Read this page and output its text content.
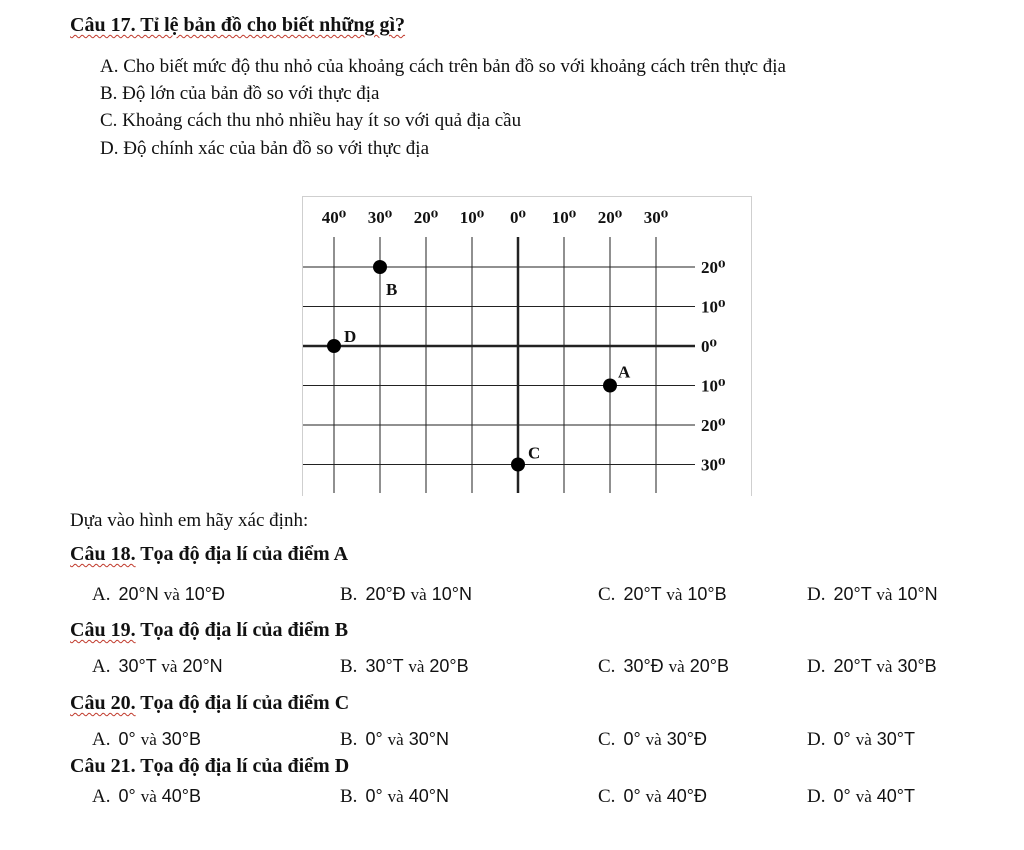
Câu 17. Tỉ lệ bản đồ cho biết những gì?
A. Cho biết mức độ thu nhỏ của khoảng cách trên bản đồ so với khoảng cách trên thực địa
B. Độ lớn của bản đồ so với thực địa
C. Khoảng cách thu nhỏ nhiều hay ít so với quả địa cầu
D. Độ chính xác của bản đồ so với thực địa
40⁰ 30⁰ 20⁰ 10⁰ 0⁰ 10⁰ 20⁰ 30⁰
20⁰
10⁰
0⁰
10⁰
20⁰
30⁰
B
D
A
C
Dựa vào hình em hãy xác định:
Câu 18. Tọa độ địa lí của điểm A
A. 20°N và 10°Đ	B. 20°Đ và 10°N	C. 20°T và 10°B	D. 20°T và 10°N
Câu 19. Tọa độ địa lí của điểm B
A. 30°T và 20°N	B. 30°T và 20°B	C. 30°Đ và 20°B	D. 20°T và 30°B
Câu 20. Tọa độ địa lí của điểm C
A. 0° và 30°B	B. 0° và 30°N	C. 0° và 30°Đ	D. 0° và 30°T
Câu 21. Tọa độ địa lí của điểm D
A. 0° và 40°B	B. 0° và 40°N	C. 0° và 40°Đ	D. 0° và 40°T
